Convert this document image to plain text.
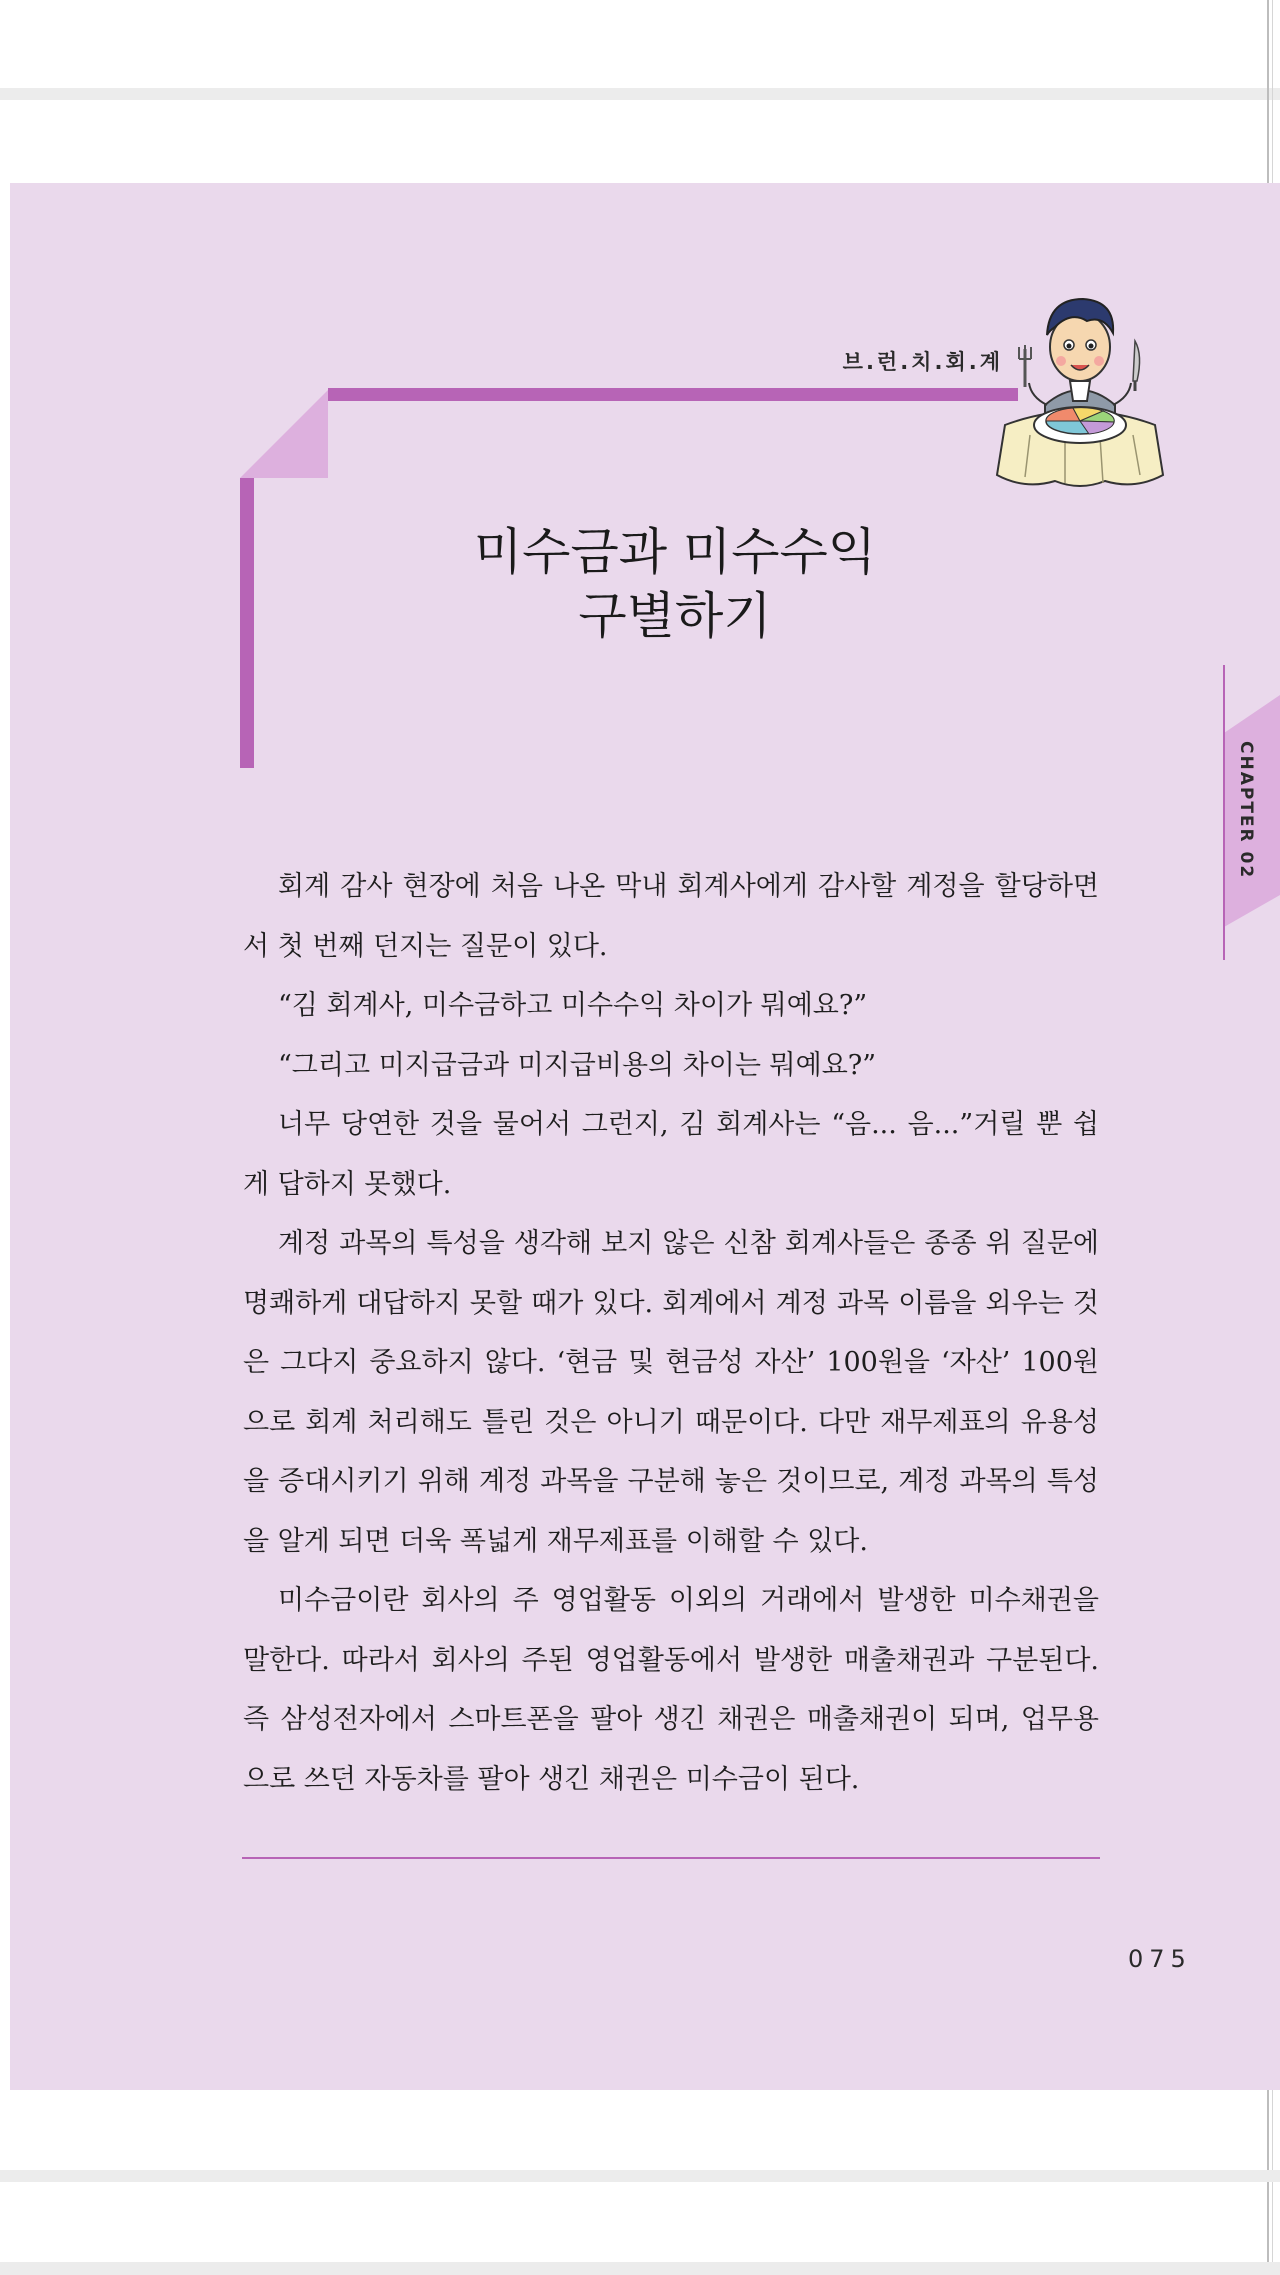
브.런.치.회.계
미수금과 미수수익
구별하기
CHAPTER 02

회계 감사 현장에 처음 나온 막내 회계사에게 감사할 계정을 할당하면서 첫 번째 던지는 질문이 있다.

“김 회계사, 미수금하고 미수수익 차이가 뭐예요?”

“그리고 미지급금과 미지급비용의 차이는 뭐예요?”

너무 당연한 것을 물어서 그런지, 김 회계사는 “음... 음...”거릴 뿐 쉽게 답하지 못했다.

계정 과목의 특성을 생각해 보지 않은 신참 회계사들은 종종 위 질문에 명쾌하게 대답하지 못할 때가 있다. 회계에서 계정 과목 이름을 외우는 것은 그다지 중요하지 않다. ‘현금 및 현금성 자산’ 100원을 ‘자산’ 100원으로 회계 처리해도 틀린 것은 아니기 때문이다. 다만 재무제표의 유용성을 증대시키기 위해 계정 과목을 구분해 놓은 것이므로, 계정 과목의 특성을 알게 되면 더욱 폭넓게 재무제표를 이해할 수 있다.

미수금이란 회사의 주 영업활동 이외의 거래에서 발생한 미수채권을 말한다. 따라서 회사의 주된 영업활동에서 발생한 매출채권과 구분된다. 즉 삼성전자에서 스마트폰을 팔아 생긴 채권은 매출채권이 되며, 업무용으로 쓰던 자동차를 팔아 생긴 채권은 미수금이 된다.

075
